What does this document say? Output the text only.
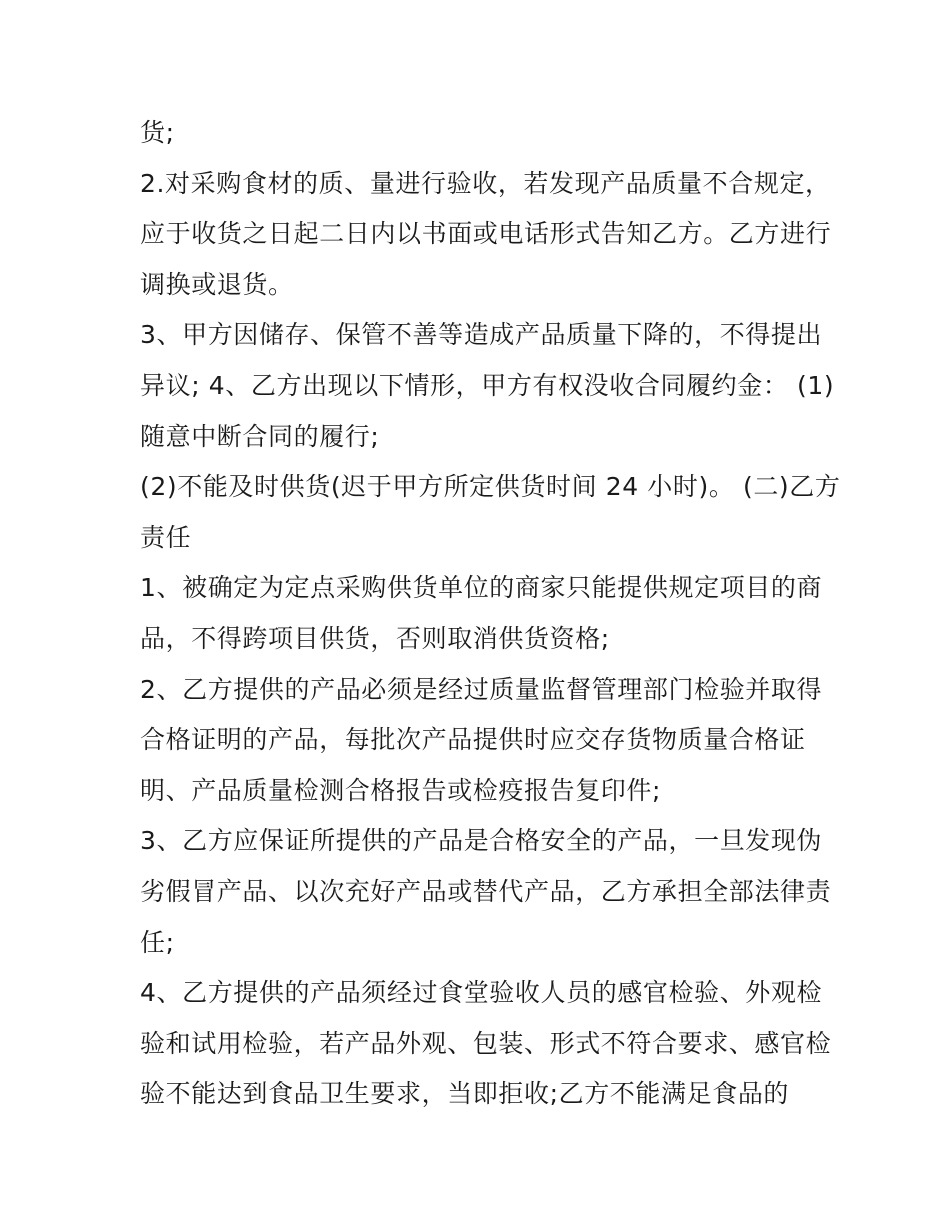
货;
2.对采购食材的质、量进行验收，若发现产品质量不合规定，
应于收货之日起二日内以书面或电话形式告知乙方。乙方进行
调换或退货。
3、甲方因储存、保管不善等造成产品质量下降的，不得提出
异议; 4、乙方出现以下情形，甲方有权没收合同履约金： (1)
随意中断合同的履行;
(2)不能及时供货(迟于甲方所定供货时间 24 小时)。 (二)乙方
责任
1、被确定为定点采购供货单位的商家只能提供规定项目的商
品，不得跨项目供货，否则取消供货资格;
2、乙方提供的产品必须是经过质量监督管理部门检验并取得
合格证明的产品，每批次产品提供时应交存货物质量合格证
明、产品质量检测合格报告或检疫报告复印件;
3、乙方应保证所提供的产品是合格安全的产品，一旦发现伪
劣假冒产品、以次充好产品或替代产品，乙方承担全部法律责
任;
4、乙方提供的产品须经过食堂验收人员的感官检验、外观检
验和试用检验，若产品外观、包装、形式不符合要求、感官检
验不能达到食品卫生要求，当即拒收;乙方不能满足食品的
